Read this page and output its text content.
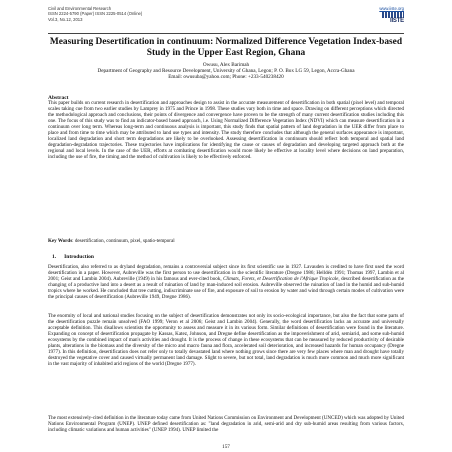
Civil and Environmental Research
ISSN 2224-5790 (Paper) ISSN 2225-0514 (Online)
Vol.3, No.12, 2013
www.iiste.org
IISTE
Measuring Desertification in continuum: Normalized Difference Vegetation Index-based Study in the Upper East Region, Ghana
Owusu, Alex Barimah
Department of Geography and Resource Development, University of Ghana, Legon; P. O. Box LG 59, Legon, Accra-Ghana
Email: owusuba@yahoo.com; Phone: +233-540238420
Abstract
This paper builds on current research in desertification and approaches design to assist in the accurate measurement of desertification in both spatial (pixel level) and temporal scales taking cue from two earlier studies by Lamprey in 1975 and Prince in 1998. These studies vary both in time and space. Drawing on different perceptions which directed the methodological approach and conclusions, their points of divergence and convergence have proven to be the strength of many current desertification studies including this one. The focus of this study was to find an indicator-based based approach, i.e. Using Normalized Difference Vegetation Index (NDVI) which can measure desertification in a continuum over long term. Whereas long-term and continuous analysis is important, this study finds that spatial pattern of land degradation in the UER differ from place to place and from time to time which may be attributed to land use types and intensity. The study therefore concludes that although the general surfaces appearance is important, localized land degradation and short term degradations are likely to be overlooked. Assessing desertification in continuum should reflect both temporal and spatial land degradation-degradation trajectories. These trajectories have implications for identifying the cause or causes of degradation and developing targeted approach both at the regional and local levels. In the case of the UER, efforts at combating desertification would more likely be effective at locality level where decisions on land preparation, including the use of fire, the timing and the method of cultivation is likely to be effectively enforced.
Key Words: desertification, continuum, pixel, spatio-temporal
1. Introduction
Desertification, also referred to as dryland degradation, remains a controversial subject since its first scientific use in 1927. Lavauden is credited to have first used the word desertification in a paper. However, Aubreville was the first person to use desertification in the scientific literature (Dregne 1986; Helldén 1991; Thomas 1997, Lambin et al 2001; Geist and Lambin 2004). Aubreville (1949) in his famous and ever-cited book, Climats, Forets, et Desertification de l'Afrique Tropicale, described desertification as the changing of a productive land into a desert as a result of ruination of land by man-induced soil erosion. Aubreville observed the ruination of land in the humid and sub-humid tropics where he worked. He concluded that tree cutting, indiscriminate use of fire, and exposure of soil to erosion by water and wind through certain modes of cultivation were the principal causes of desertification (Aubreville 1949, Dregne 1986).
The enormity of local and national studies focusing on the subject of desertification demonstrates not only its socio-ecological importance, but also the fact that some parts of the desertification puzzle remain unsolved (FAO 1999; Veron et al 2006; Geist and Lambin 2004). Generally, the word desertification lacks an accurate and universally acceptable definition. This disallows scientists the opportunity to assess and measure it in its various form. Similar definitions of desertification were found in the literature. Expanding on concept of desertification propagate by Kassas, Katez, Johnson, and Dregne define desertification as the impoverishment of arid, semiarid, and some sub-humid ecosystems by the combined impact of man's activities and drought. It is the process of change in these ecosystems that can be measured by reduced productivity of desirable plants, alterations in the biomass and the diversity of the micro and macro fauna and flora, accelerated soil deterioration, and increased hazards for human occupancy (Dregne 1977). In this definition, desertification does not refer only to totally devastated land where nothing grows since there are very few places where man and drought have totally destroyed the vegetative cover and caused virtually permanent land damage. Slight to severe, but not total, land degradation is much more common and much more significant in the vast majority of inhabited arid regions of the world (Dregne 1977).
The most extensively-cited definition in the literature today came from United Nations Commission on Environment and Development (UNCED) which was adopted by United Nations Environmental Program (UNEP). UNEP defined desertification as: "land degradation in arid, semi-arid and dry sub-humid areas resulting from various factors, including climatic variations and human activities" (UNEP 1994). UNEP limited the
157
